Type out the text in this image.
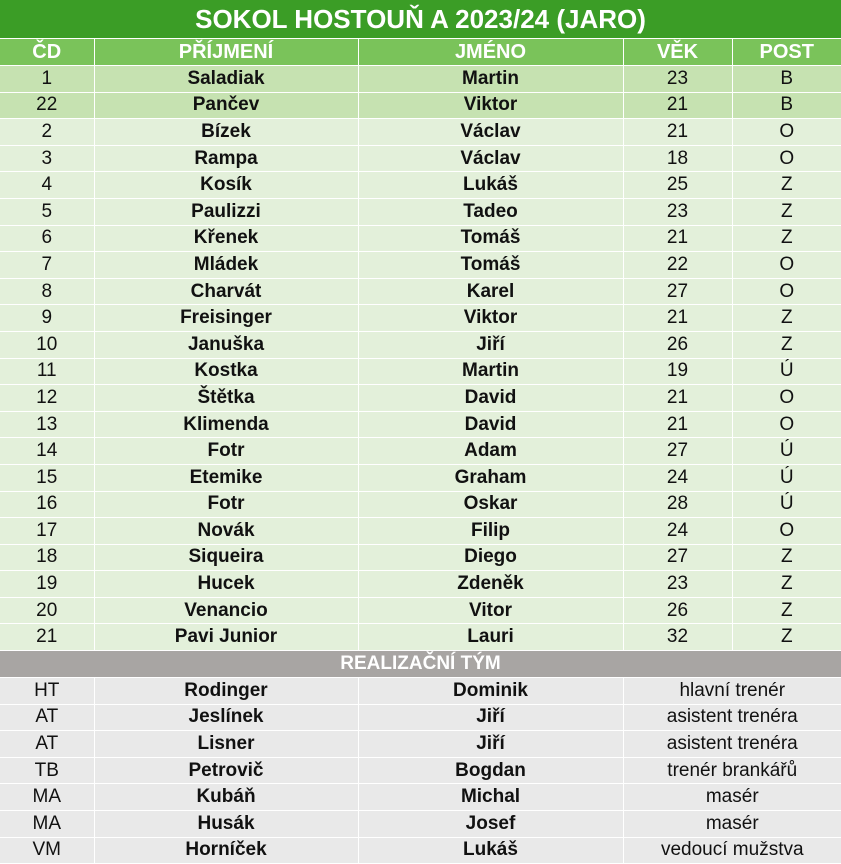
SOKOL HOSTOUŇ A 2023/24 (JARO)				
ČD	PŘÍJMENÍ	JMÉNO	VĚK	POST
1	Saladiak	Martin	23	B
22	Pančev	Viktor	21	B
2	Bízek	Václav	21	O
3	Rampa	Václav	18	O
4	Kosík	Lukáš	25	Z
5	Paulizzi	Tadeo	23	Z
6	Křenek	Tomáš	21	Z
7	Mládek	Tomáš	22	O
8	Charvát	Karel	27	O
9	Freisinger	Viktor	21	Z
10	Januška	Jiří	26	Z
11	Kostka	Martin	19	Ú
12	Štětka	David	21	O
13	Klimenda	David	21	O
14	Fotr	Adam	27	Ú
15	Etemike	Graham	24	Ú
16	Fotr	Oskar	28	Ú
17	Novák	Filip	24	O
18	Siqueira	Diego	27	Z
19	Hucek	Zdeněk	23	Z
20	Venancio	Vitor	26	Z
21	Pavi Junior	Lauri	32	Z
REALIZAČNÍ TÝM				
HT	Rodinger	Dominik	hlavní trenér	
AT	Jeslínek	Jiří	asistent trenéra	
AT	Lisner	Jiří	asistent trenéra	
TB	Petrovič	Bogdan	trenér brankářů	
MA	Kubáň	Michal	masér	
MA	Husák	Josef	masér	
VM	Horníček	Lukáš	vedoucí mužstva	
